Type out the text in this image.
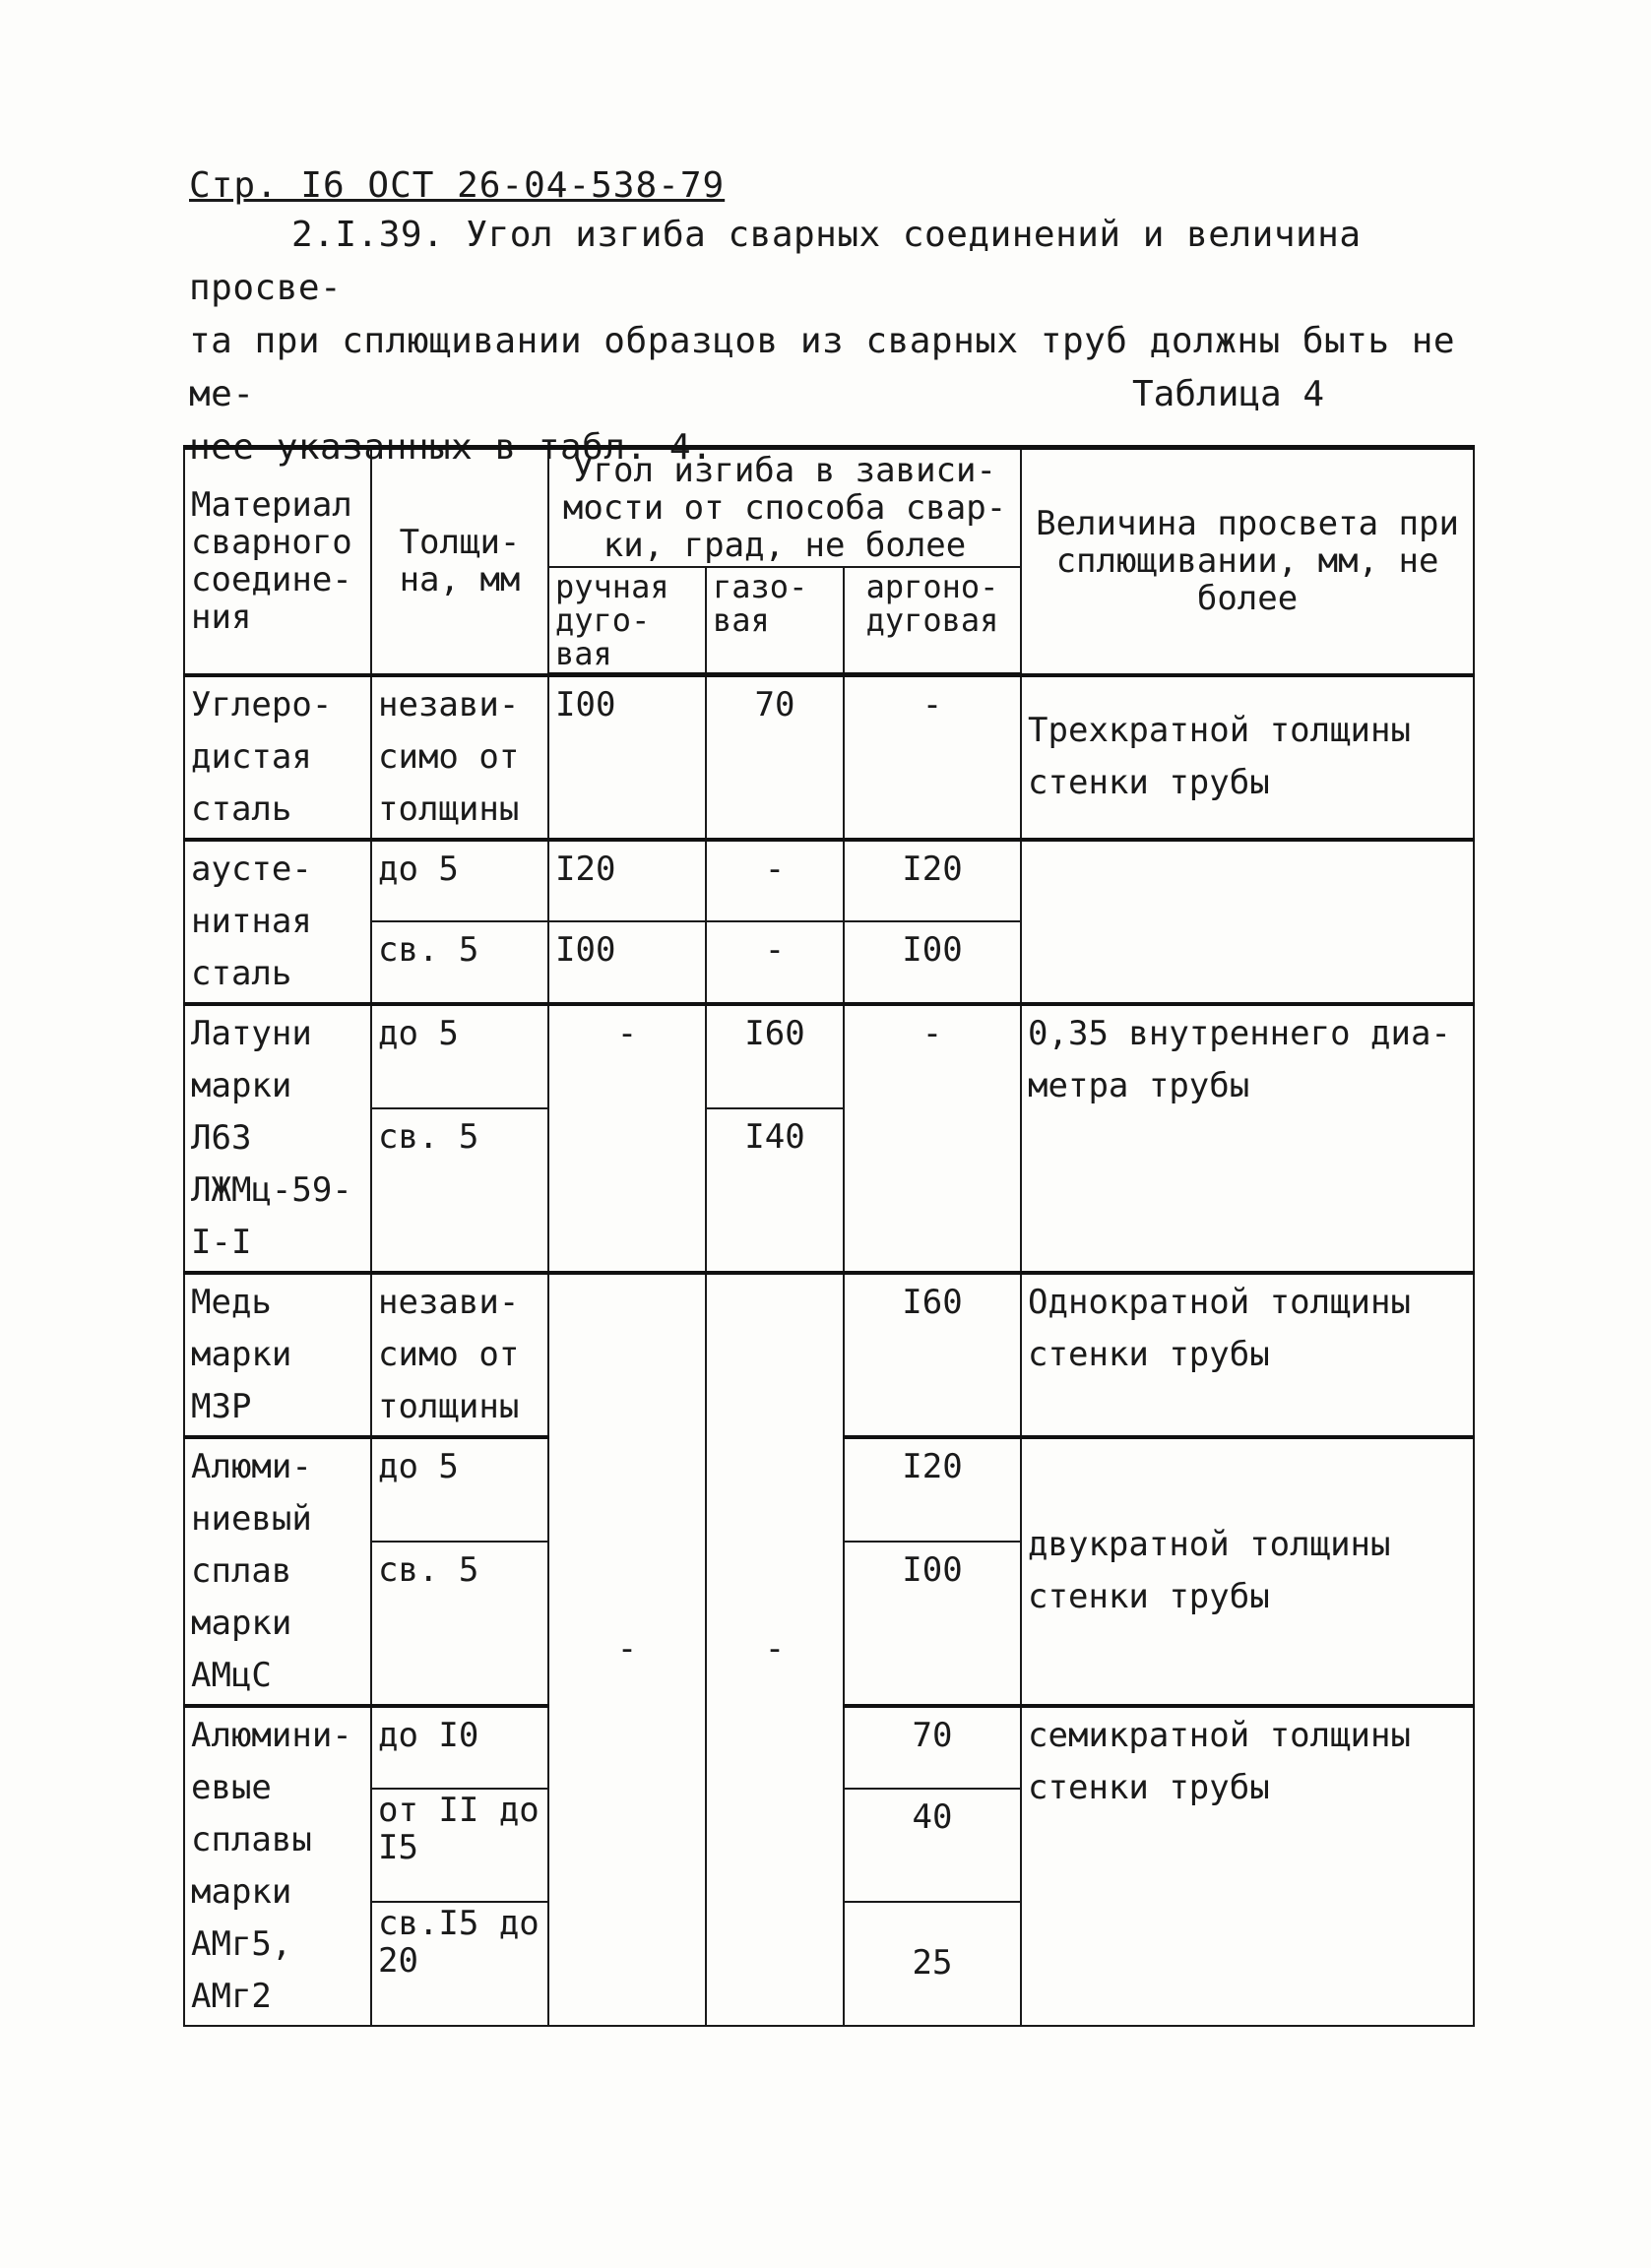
Стр. I6 ОСТ 26-04-538-79
2.I.39. Угол изгиба сварных соединений и величина просве-
та при сплющивании образцов из сварных труб должны быть не ме-
нее указанных в табл. 4.
Таблица 4
Материал сварного соедине-ния	Толщи-на, мм	Угол изгиба в зависи-мости от способа свар-ки, град, не более			Величина просвета при сплющивании, мм, не более
		ручная дуго-вая	газо-вая	аргоно-дуговая	
Углеро-дистая сталь	незави-симо от толщины	I00	70	-	Трехкратной толщины стенки трубы
аусте-нитная сталь	до 5	I20	-	I20	
	св. 5	I00	-	I00	
Латуни марки Л63 ЛЖМц-59-I-I	до 5	-	I60	-	0,35 внутреннего диа-метра трубы
	св. 5		I40		
Медь марки М3Р	незави-симо от толщины	-	-	I60	Однократной толщины стенки трубы
Алюми-ниевый сплав марки АМцС	до 5			I20	двукратной толщины стенки трубы
	св. 5			I00	
Алюмини-евые сплавы марки АМг5, АМг2	до I0			70	семикратной толщины стенки трубы
	от II до I5			40	
	св.I5 до 20			25	
